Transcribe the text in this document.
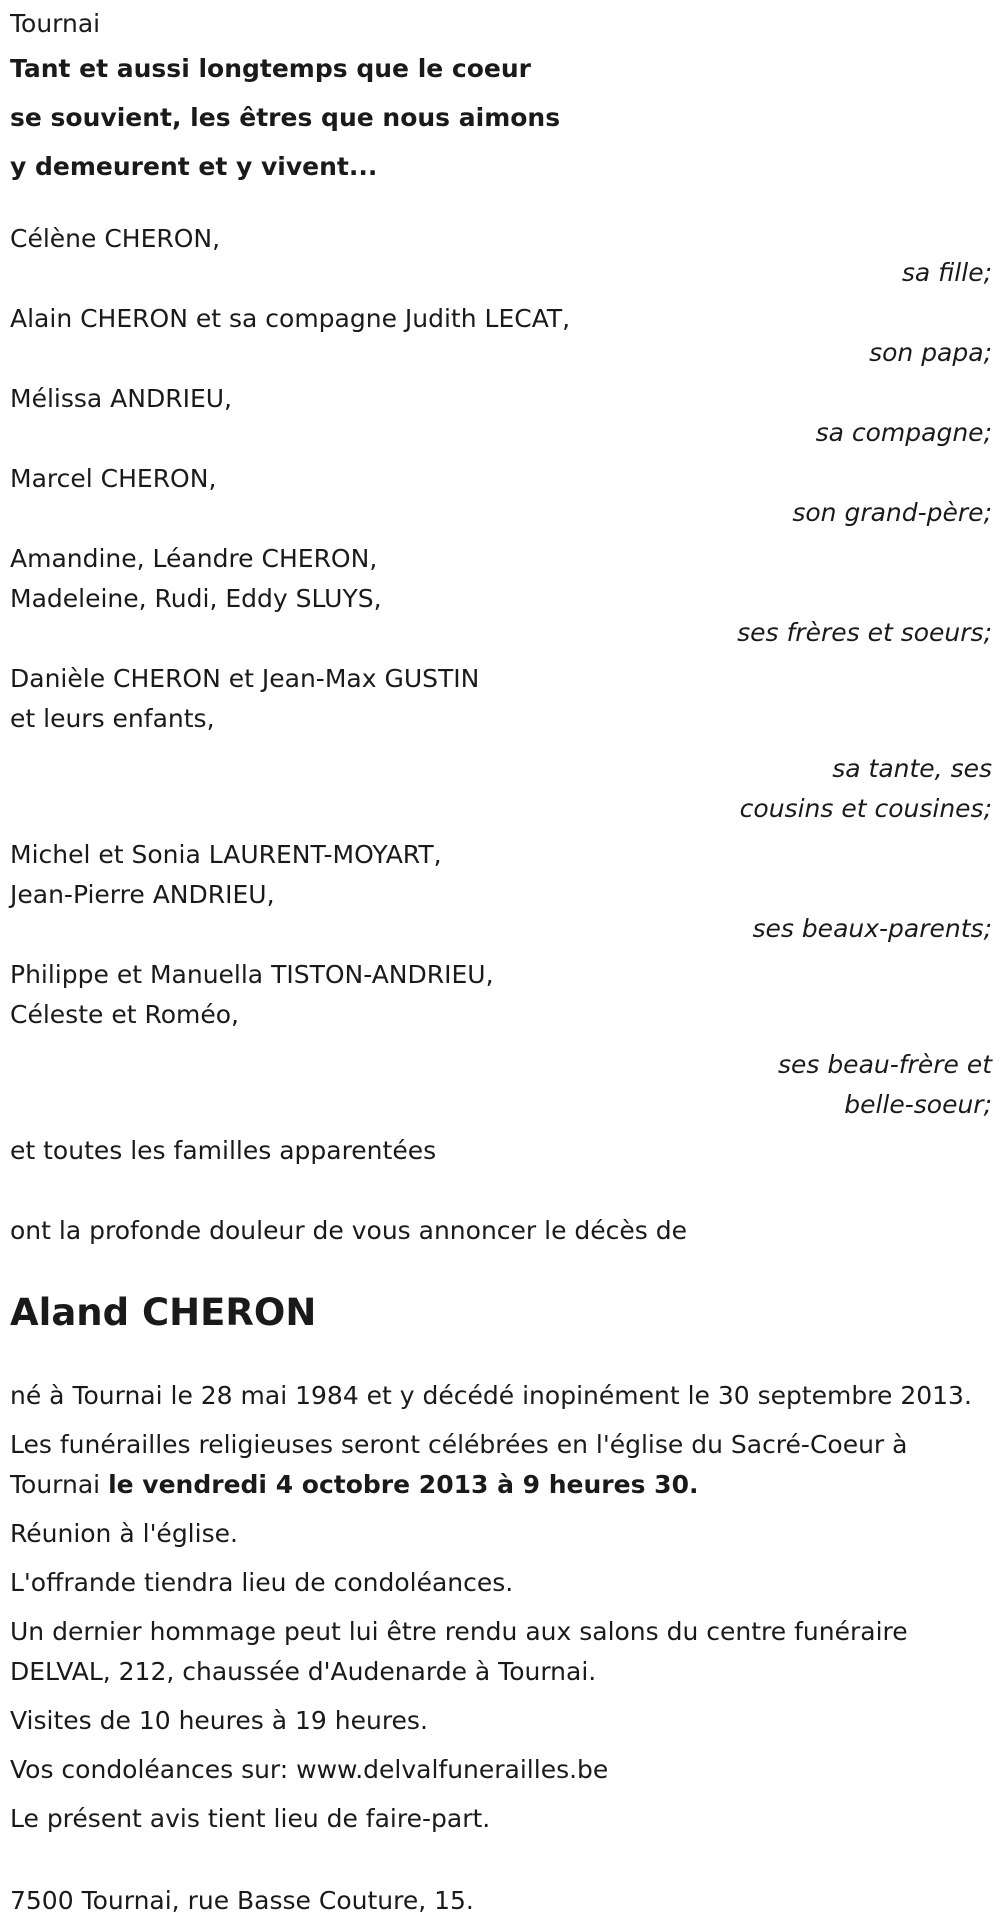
Tournai

Tant et aussi longtemps que le coeur

se souvient, les êtres que nous aimons

y demeurent et y vivent...

Célène CHERON,
sa fille;
Alain CHERON et sa compagne Judith LECAT,
son papa;
Mélissa ANDRIEU,
sa compagne;
Marcel CHERON,
son grand-père;
Amandine, Léandre CHERON,
Madeleine, Rudi, Eddy SLUYS,
ses frères et soeurs;
Danièle CHERON et Jean-Max GUSTIN
et leurs enfants,
sa tante, ses
cousins et cousines;
Michel et Sonia LAURENT-MOYART,
Jean-Pierre ANDRIEU,
ses beaux-parents;
Philippe et Manuella TISTON-ANDRIEU,
Céleste et Roméo,
ses beau-frère et
belle-soeur;
et toutes les familles apparentées
ont la profonde douleur de vous annoncer le décès de
Aland CHERON

né à Tournai le 28 mai 1984 et y décédé inopinément le 30 septembre 2013.

Les funérailles religieuses seront célébrées en l'église du Sacré-Coeur à Tournai le vendredi 4 octobre 2013 à 9 heures 30.

Réunion à l'église.

L'offrande tiendra lieu de condoléances.

Un dernier hommage peut lui être rendu aux salons du centre funéraire DELVAL, 212, chaussée d'Audenarde à Tournai.

Visites de 10 heures à 19 heures.

Vos condoléances sur: www.delvalfunerailles.be

Le présent avis tient lieu de faire-part.

7500 Tournai, rue Basse Couture, 15.
